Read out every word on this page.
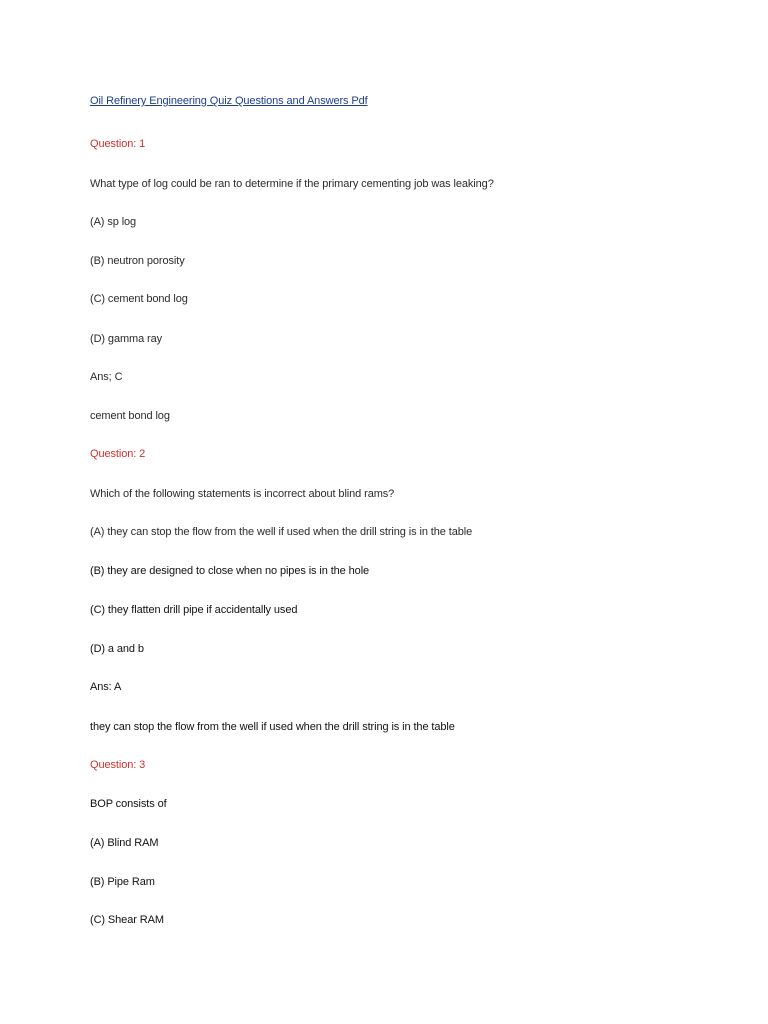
Oil Refinery Engineering Quiz Questions and Answers Pdf

Question: 1

What type of log could be ran to determine if the primary cementing job was leaking?

(A) sp log

(B) neutron porosity

(C) cement bond log

(D) gamma ray

Ans; C

cement bond log

Question: 2

Which of the following statements is incorrect about blind rams?

(A) they can stop the flow from the well if used when the drill string is in the table

(B) they are designed to close when no pipes is in the hole

(C) they flatten drill pipe if accidentally used

(D) a and b

Ans: A

they can stop the flow from the well if used when the drill string is in the table

Question: 3

BOP consists of

(A) Blind RAM

(B) Pipe Ram

(C) Shear RAM
